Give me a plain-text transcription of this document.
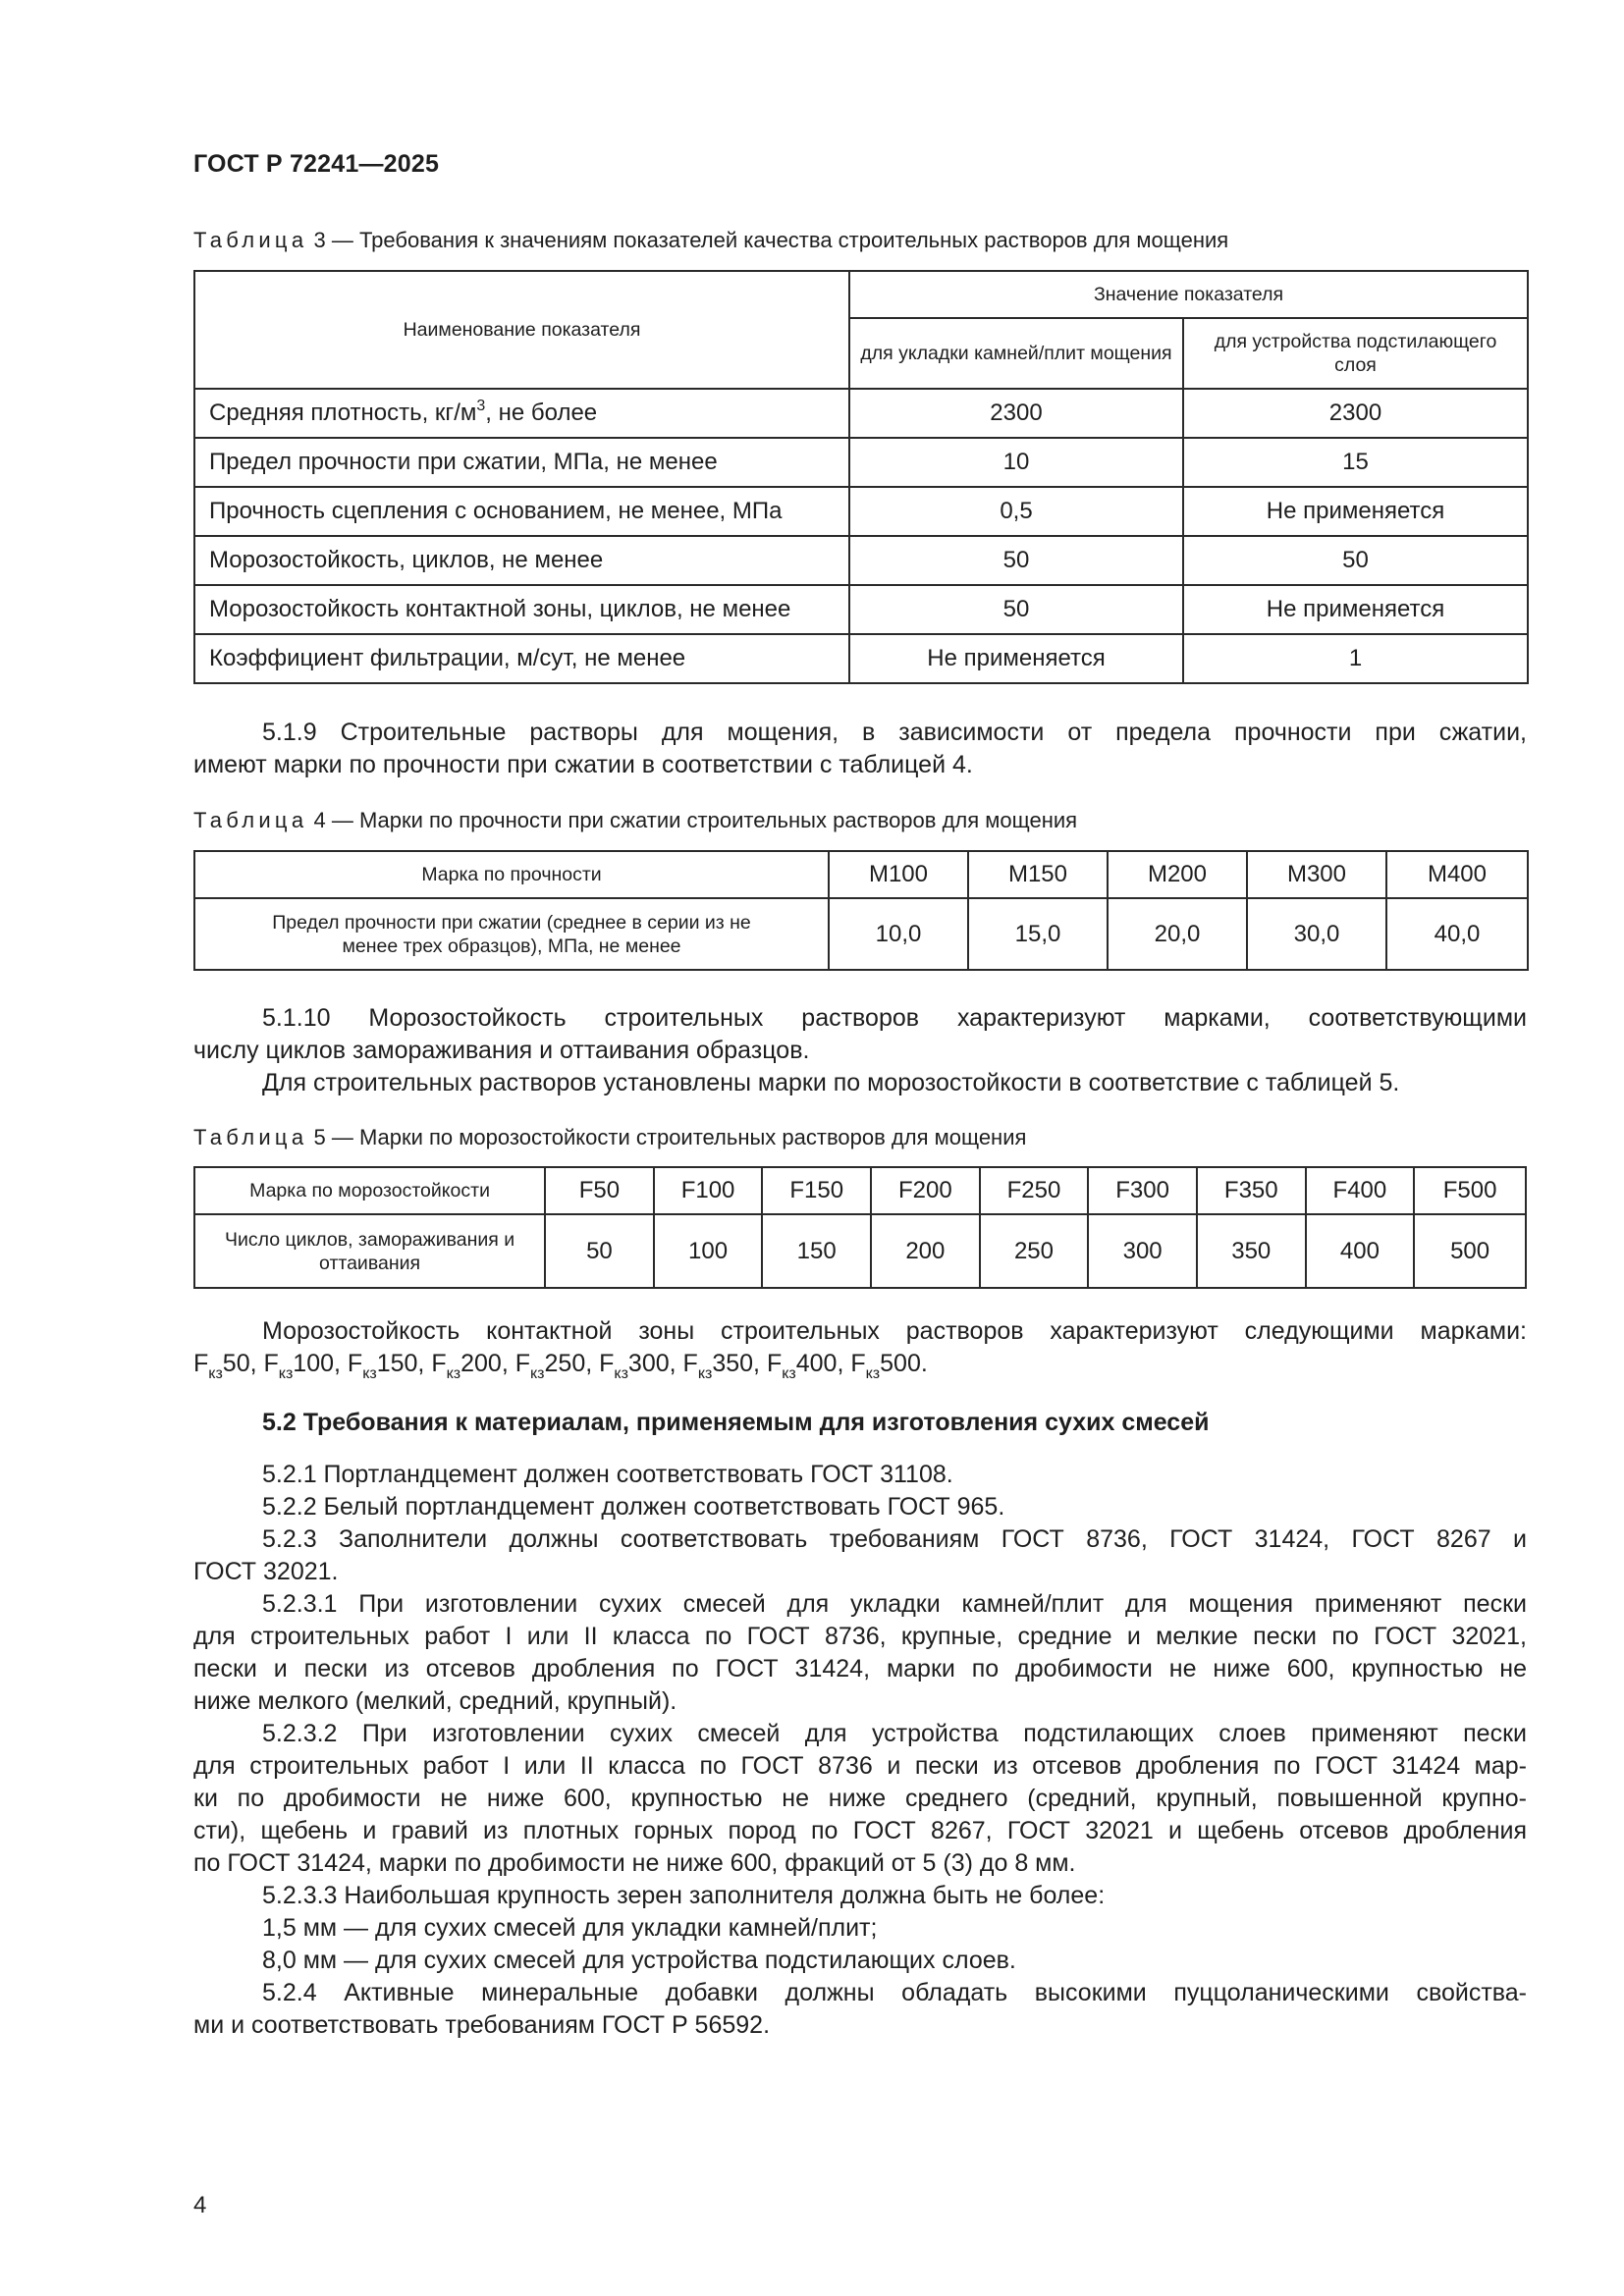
ГОСТ Р 72241—2025
Таблица 3 — Требования к значениям показателей качества строительных растворов для мощения
Наименование показателя	Значение показателя	
	для укладки камней/плит мощения	для устройства подстилающего слоя
Средняя плотность, $кг/м^3$, не более	2300	2300
Предел прочности при сжатии, МПа, не менее	10	15
Прочность сцепления с основанием, не менее, МПа	0,5	Не применяется
Морозостойкость, циклов, не менее	50	50
Морозостойкость контактной зоны, циклов, не менее	50	Не применяется
Коэффициент фильтрации, м/сут, не менее	Не применяется	1
5.1.9 Строительные растворы для мощения, в зависимости от предела прочности при сжатии,
имеют марки по прочности при сжатии в соответствии с таблицей 4.
Таблица 4 — Марки по прочности при сжатии строительных растворов для мощения
Марка по прочности	М100	М150	М200	М300	М400
Предел прочности при сжатии (среднее в серии из не менее трех образцов), МПа, не менее	10,0	15,0	20,0	30,0	40,0
5.1.10 Морозостойкость строительных растворов характеризуют марками, соответствующими
числу циклов замораживания и оттаивания образцов.
Для строительных растворов установлены марки по морозостойкости в соответствие с таблицей 5.
Таблица 5 — Марки по морозостойкости строительных растворов для мощения
Марка по морозостойкости	F50	F100	F150	F200	F250	F300	F350	F400	F500
Число циклов, замораживания и оттаивания	50	100	150	200	250	300	350	400	500
Морозостойкость контактной зоны строительных растворов характеризуют следующими марками:
$F_{кз}50$, $F_{кз}100$, $F_{кз}150$, $F_{кз}200$, $F_{кз}250$, $F_{кз}300$, $F_{кз}350$, $F_{кз}400$, $F_{кз}500$.
5.2 Требования к материалам, применяемым для изготовления сухих смесей
5.2.1 Портландцемент должен соответствовать ГОСТ 31108.
5.2.2 Белый портландцемент должен соответствовать ГОСТ 965.
5.2.3 Заполнители должны соответствовать требованиям ГОСТ 8736, ГОСТ 31424, ГОСТ 8267 и
ГОСТ 32021.
5.2.3.1 При изготовлении сухих смесей для укладки камней/плит для мощения применяют пески
для строительных работ I или II класса по ГОСТ 8736, крупные, средние и мелкие пески по ГОСТ 32021,
пески и пески из отсевов дробления по ГОСТ 31424, марки по дробимости не ниже 600, крупностью не
ниже мелкого (мелкий, средний, крупный).
5.2.3.2 При изготовлении сухих смесей для устройства подстилающих слоев применяют пески
для строительных работ I или II класса по ГОСТ 8736 и пески из отсевов дробления по ГОСТ 31424 мар-
ки по дробимости не ниже 600, крупностью не ниже среднего (средний, крупный, повышенной крупно-
сти), щебень и гравий из плотных горных пород по ГОСТ 8267, ГОСТ 32021 и щебень отсевов дробления
по ГОСТ 31424, марки по дробимости не ниже 600, фракций от 5 (3) до 8 мм.
5.2.3.3 Наибольшая крупность зерен заполнителя должна быть не более:
1,5 мм — для сухих смесей для укладки камней/плит;
8,0 мм — для сухих смесей для устройства подстилающих слоев.
5.2.4 Активные минеральные добавки должны обладать высокими пуццоланическими свойства-
ми и соответствовать требованиям ГОСТ Р 56592.
4
